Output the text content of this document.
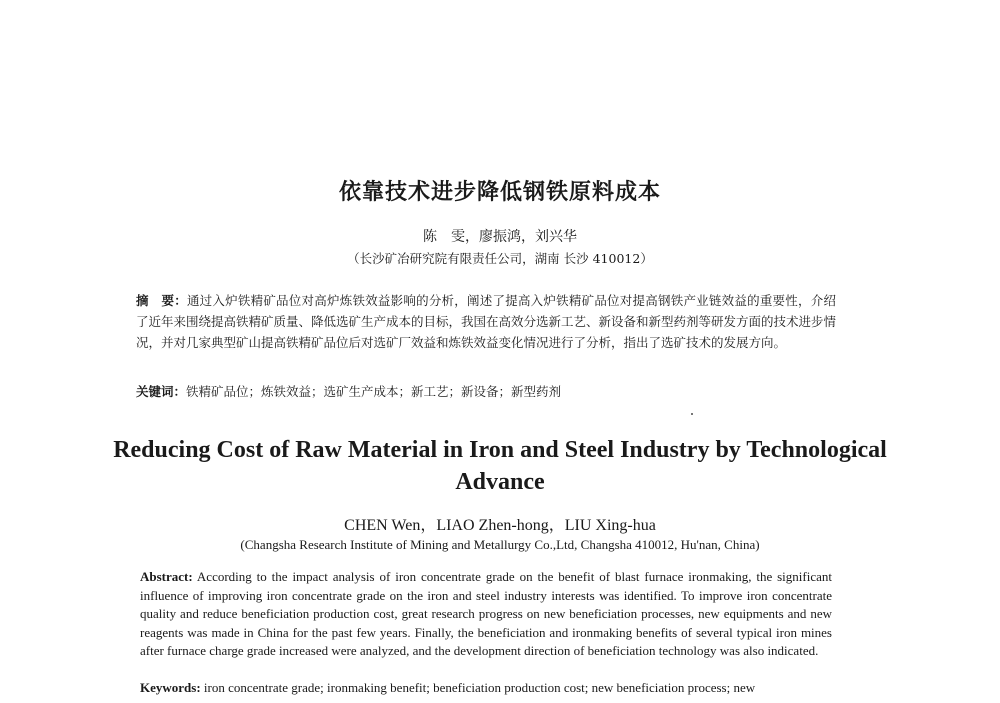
依靠技术进步降低钢铁原料成本
陈　雯，廖振鸿，刘兴华
（长沙矿冶研究院有限责任公司，湖南 长沙 410012）
摘　要：通过入炉铁精矿品位对高炉炼铁效益影响的分析，阐述了提高入炉铁精矿品位对提高钢铁产业链效益的重要性，介绍了近年来围绕提高铁精矿质量、降低选矿生产成本的目标，我国在高效分选新工艺、新设备和新型药剂等研发方面的技术进步情况，并对几家典型矿山提高铁精矿品位后对选矿厂效益和炼铁效益变化情况进行了分析，指出了选矿技术的发展方向。
关键词：铁精矿品位；炼铁效益；选矿生产成本；新工艺；新设备；新型药剂
Reducing Cost of Raw Material in Iron and Steel Industry by Technological Advance
CHEN Wen，LIAO Zhen-hong，LIU Xing-hua
(Changsha Research Institute of Mining and Metallurgy Co.,Ltd, Changsha 410012, Hu'nan, China)
Abstract: According to the impact analysis of iron concentrate grade on the benefit of blast furnace ironmaking, the significant influence of improving iron concentrate grade on the iron and steel industry interests was identified. To improve iron concentrate quality and reduce beneficiation production cost, great research progress on new beneficiation processes, new equipments and new reagents was made in China for the past few years. Finally, the beneficiation and ironmaking benefits of several typical iron mines after furnace charge grade increased were analyzed, and the development direction of beneficiation technology was also indicated.
Keywords: iron concentrate grade; ironmaking benefit; beneficiation production cost; new beneficiation process; new
